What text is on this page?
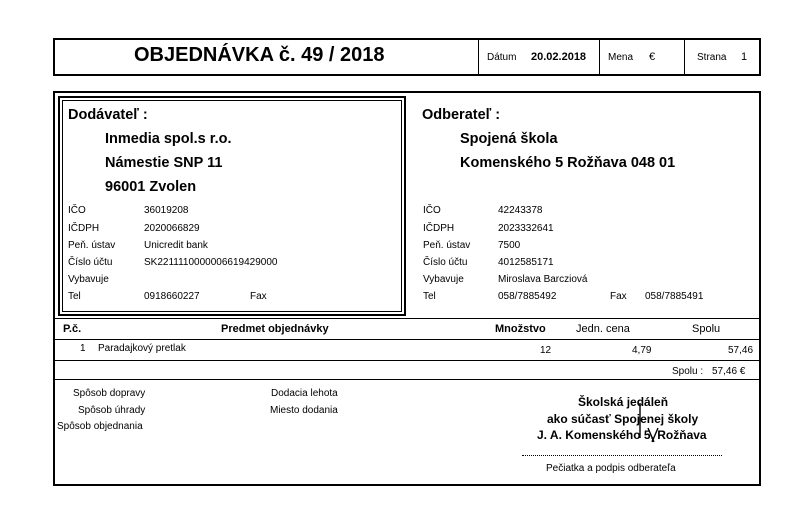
OBJEDNÁVKA č. 49 / 2018	Dátum 20.02.2018 Mena €	Strana 1
Dodávateľ :
Inmedia spol.s r.o.
Námestie SNP 11
96001 Zvolen
IČO	36019208
IČDPH	2020066829
Peň. ústav	Unicredit bank
Číslo účtu	SK2211110000006619429000
Vybavuje
Tel	0918660227	Fax
Odberateľ :
Spojená škola
Komenského 5 Rožňava 048 01
IČO	42243378
IČDPH	2023332641
Peň. ústav	7500
Číslo účtu	4012585171
Vybavuje	Miroslava Barcziová
Tel	058/7885492	Fax 058/7885491
P.č.	Predmet objednávky	Množstvo	Jedn. cena	Spolu
1 Paradajkový pretlak	12	4,79	57,46
Spolu : 57,46 €
Spôsob dopravy
Spôsob úhrady
Spôsob objednania
Dodacia lehota
Miesto dodania
Školská jedáleň
ako súčasť Spojenej školy
J. A. Komenského 5, Rožňava
Pečiatka a podpis odberateľa
